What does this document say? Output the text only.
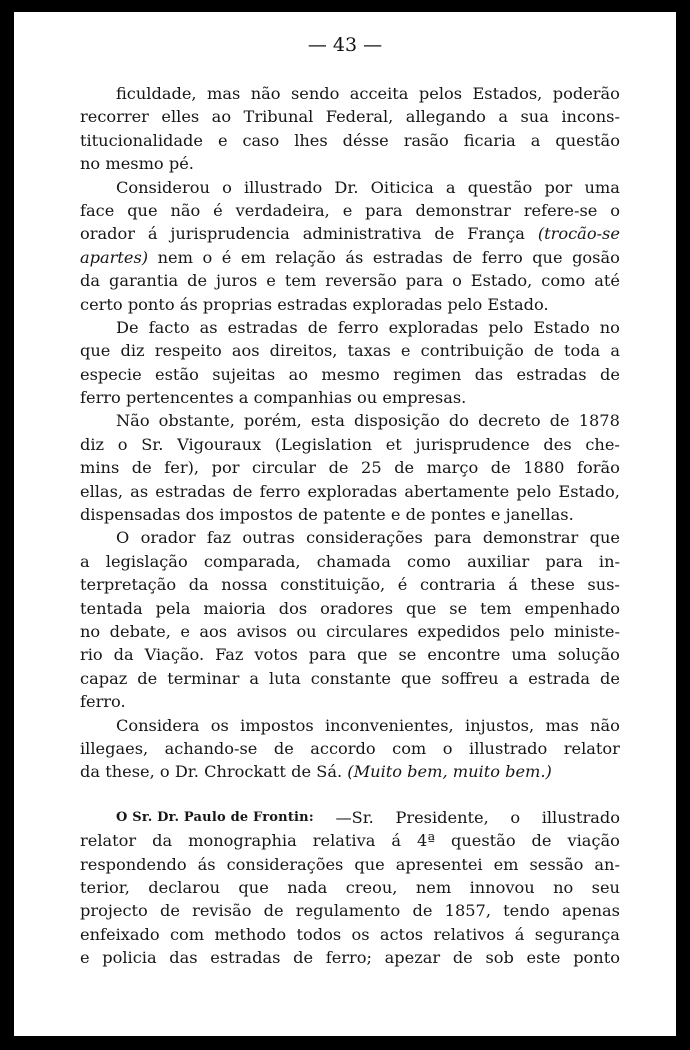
— 43 —
ficuldade, mas não sendo acceita pelos Estados, poderão
recorrer elles ao Tribunal Federal, allegando a sua incons-
titucionalidade e caso lhes désse rasão ficaria a questão
no mesmo pé.
Considerou o illustrado Dr. Oiticica a questão por uma
face que não é verdadeira, e para demonstrar refere-se o
orador á jurisprudencia administrativa de França (trocão-se
apartes) nem o é em relação ás estradas de ferro que gosão
da garantia de juros e tem reversão para o Estado, como até
certo ponto ás proprias estradas exploradas pelo Estado.
De facto as estradas de ferro exploradas pelo Estado no
que diz respeito aos direitos, taxas e contribuição de toda a
especie estão sujeitas ao mesmo regimen das estradas de
ferro pertencentes a companhias ou empresas.
Não obstante, porém, esta disposição do decreto de 1878
diz o Sr. Vigouraux (Legislation et jurisprudence des che-
mins de fer), por circular de 25 de março de 1880 forão
ellas, as estradas de ferro exploradas abertamente pelo Estado,
dispensadas dos impostos de patente e de pontes e janellas.
O orador faz outras considerações para demonstrar que
a legislação comparada, chamada como auxiliar para in-
terpretação da nossa constituição, é contraria á these sus-
tentada pela maioria dos oradores que se tem empenhado
no debate, e aos avisos ou circulares expedidos pelo ministe-
rio da Viação. Faz votos para que se encontre uma solução
capaz de terminar a luta constante que soffreu a estrada de
ferro.
Considera os impostos inconvenientes, injustos, mas não
illegaes, achando-se de accordo com o illustrado relator
da these, o Dr. Chrockatt de Sá. (Muito bem, muito bem.)
O Sr. Dr. Paulo de Frontin: —Sr. Presidente, o illustrado
relator da monographia relativa á 4ª questão de viação
respondendo ás considerações que apresentei em sessão an-
terior, declarou que nada creou, nem innovou no seu
projecto de revisão de regulamento de 1857, tendo apenas
enfeixado com methodo todos os actos relativos á segurança
e policia das estradas de ferro; apezar de sob este ponto
